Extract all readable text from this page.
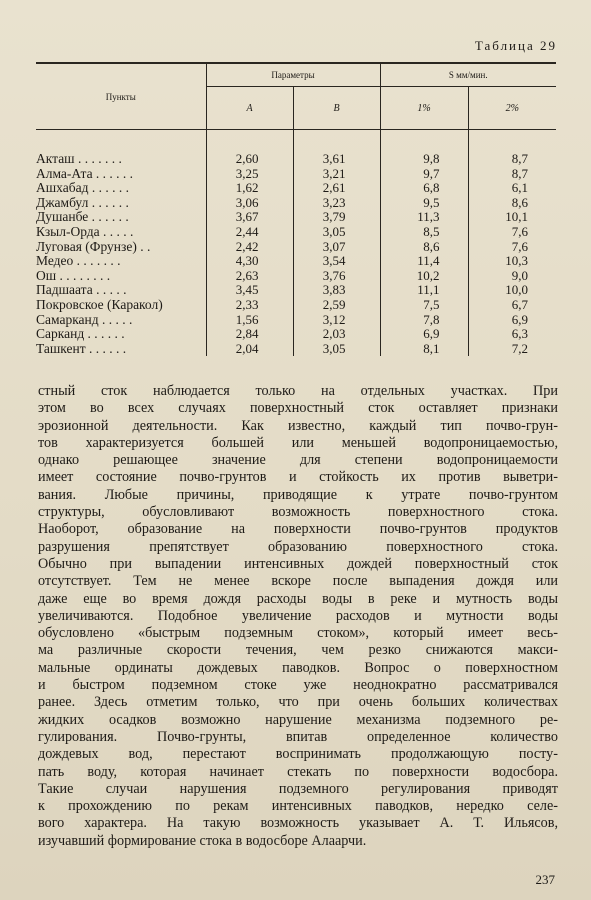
Таблица 29
Пункты	Параметры		S мм/мин.	
	A	B	1%	2%
Акташ . . . . . . .	2,60	3,61	9,8	8,7
Алма-Ата . . . . . .	3,25	3,21	9,7	8,7
Ашхабад . . . . . .	1,62	2,61	6,8	6,1
Джамбул . . . . . .	3,06	3,23	9,5	8,6
Душанбе . . . . . .	3,67	3,79	11,3	10,1
Кзыл-Орда . . . . .	2,44	3,05	8,5	7,6
Луговая (Фрунзе) . .	2,42	3,07	8,6	7,6
Медео . . . . . . .	4,30	3,54	11,4	10,3
Ош . . . . . . . .	2,63	3,76	10,2	9,0
Падшаата . . . . .	3,45	3,83	11,1	10,0
Покровское (Каракол)	2,33	2,59	7,5	6,7
Самарканд . . . . .	1,56	3,12	7,8	6,9
Сарканд . . . . . .	2,84	2,03	6,9	6,3
Ташкент . . . . . .	2,04	3,05	8,1	7,2
стный сток наблюдается только на отдельных участках. При
этом во всех случаях поверхностный сток оставляет признаки
эрозионной деятельности. Как известно, каждый тип почво-грун-
тов характеризуется большей или меньшей водопроницаемостью,
однако решающее значение для степени водопроницаемости
имеет состояние почво-грунтов и стойкость их против выветри-
вания. Любые причины, приводящие к утрате почво-грунтом
структуры, обусловливают возможность поверхностного стока.
Наоборот, образование на поверхности почво-грунтов продуктов
разрушения препятствует образованию поверхностного стока.
Обычно при выпадении интенсивных дождей поверхностный сток
отсутствует. Тем не менее вскоре после выпадения дождя или
даже еще во время дождя расходы воды в реке и мутность воды
увеличиваются. Подобное увеличение расходов и мутности воды
обусловлено «быстрым подземным стоком», который имеет весь-
ма различные скорости течения, чем резко снижаются макси-
мальные ординаты дождевых паводков. Вопрос о поверхностном
и быстром подземном стоке уже неоднократно рассматривался
ранее. Здесь отметим только, что при очень больших количествах
жидких осадков возможно нарушение механизма подземного ре-
гулирования. Почво-грунты, впитав определенное количество
дождевых вод, перестают воспринимать продолжающую посту-
пать воду, которая начинает стекать по поверхности водосбора.
Такие случаи нарушения подземного регулирования приводят
к прохождению по рекам интенсивных паводков, нередко селе-
вого характера. На такую возможность указывает А. Т. Ильясов,
изучавший формирование стока в водосборе Алаарчи.
237
